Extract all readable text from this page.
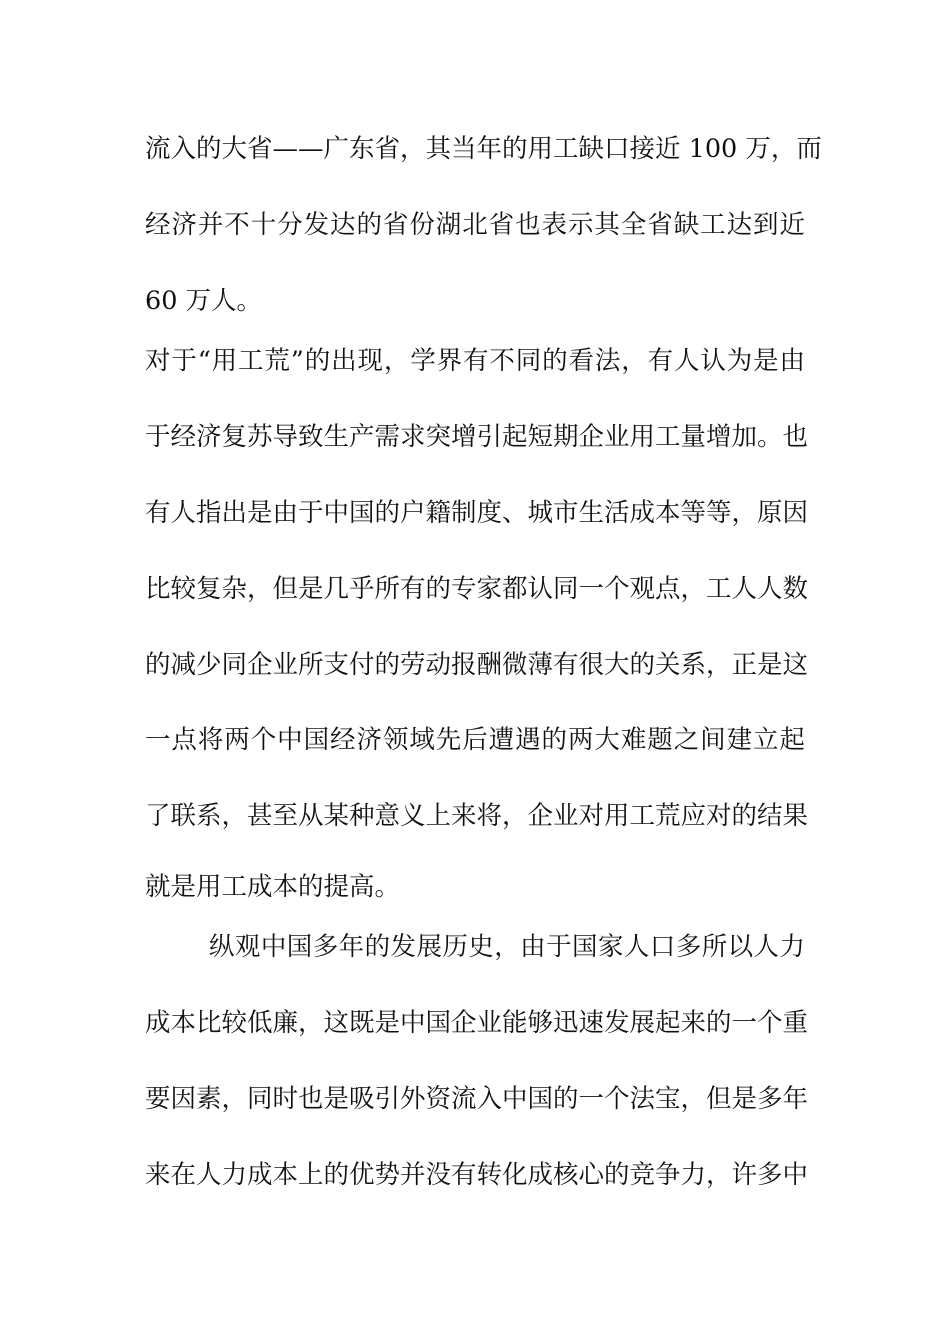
流入的大省——广东省，其当年的用工缺口接近 100 万，而
经济并不十分发达的省份湖北省也表示其全省缺工达到近
60 万人。
对于“用工荒”的出现，学界有不同的看法，有人认为是由
于经济复苏导致生产需求突增引起短期企业用工量增加。也
有人指出是由于中国的户籍制度、城市生活成本等等，原因
比较复杂，但是几乎所有的专家都认同一个观点，工人人数
的减少同企业所支付的劳动报酬微薄有很大的关系，正是这
一点将两个中国经济领域先后遭遇的两大难题之间建立起
了联系，甚至从某种意义上来将，企业对用工荒应对的结果
就是用工成本的提高。
纵观中国多年的发展历史，由于国家人口多所以人力
成本比较低廉，这既是中国企业能够迅速发展起来的一个重
要因素，同时也是吸引外资流入中国的一个法宝，但是多年
来在人力成本上的优势并没有转化成核心的竞争力，许多中
